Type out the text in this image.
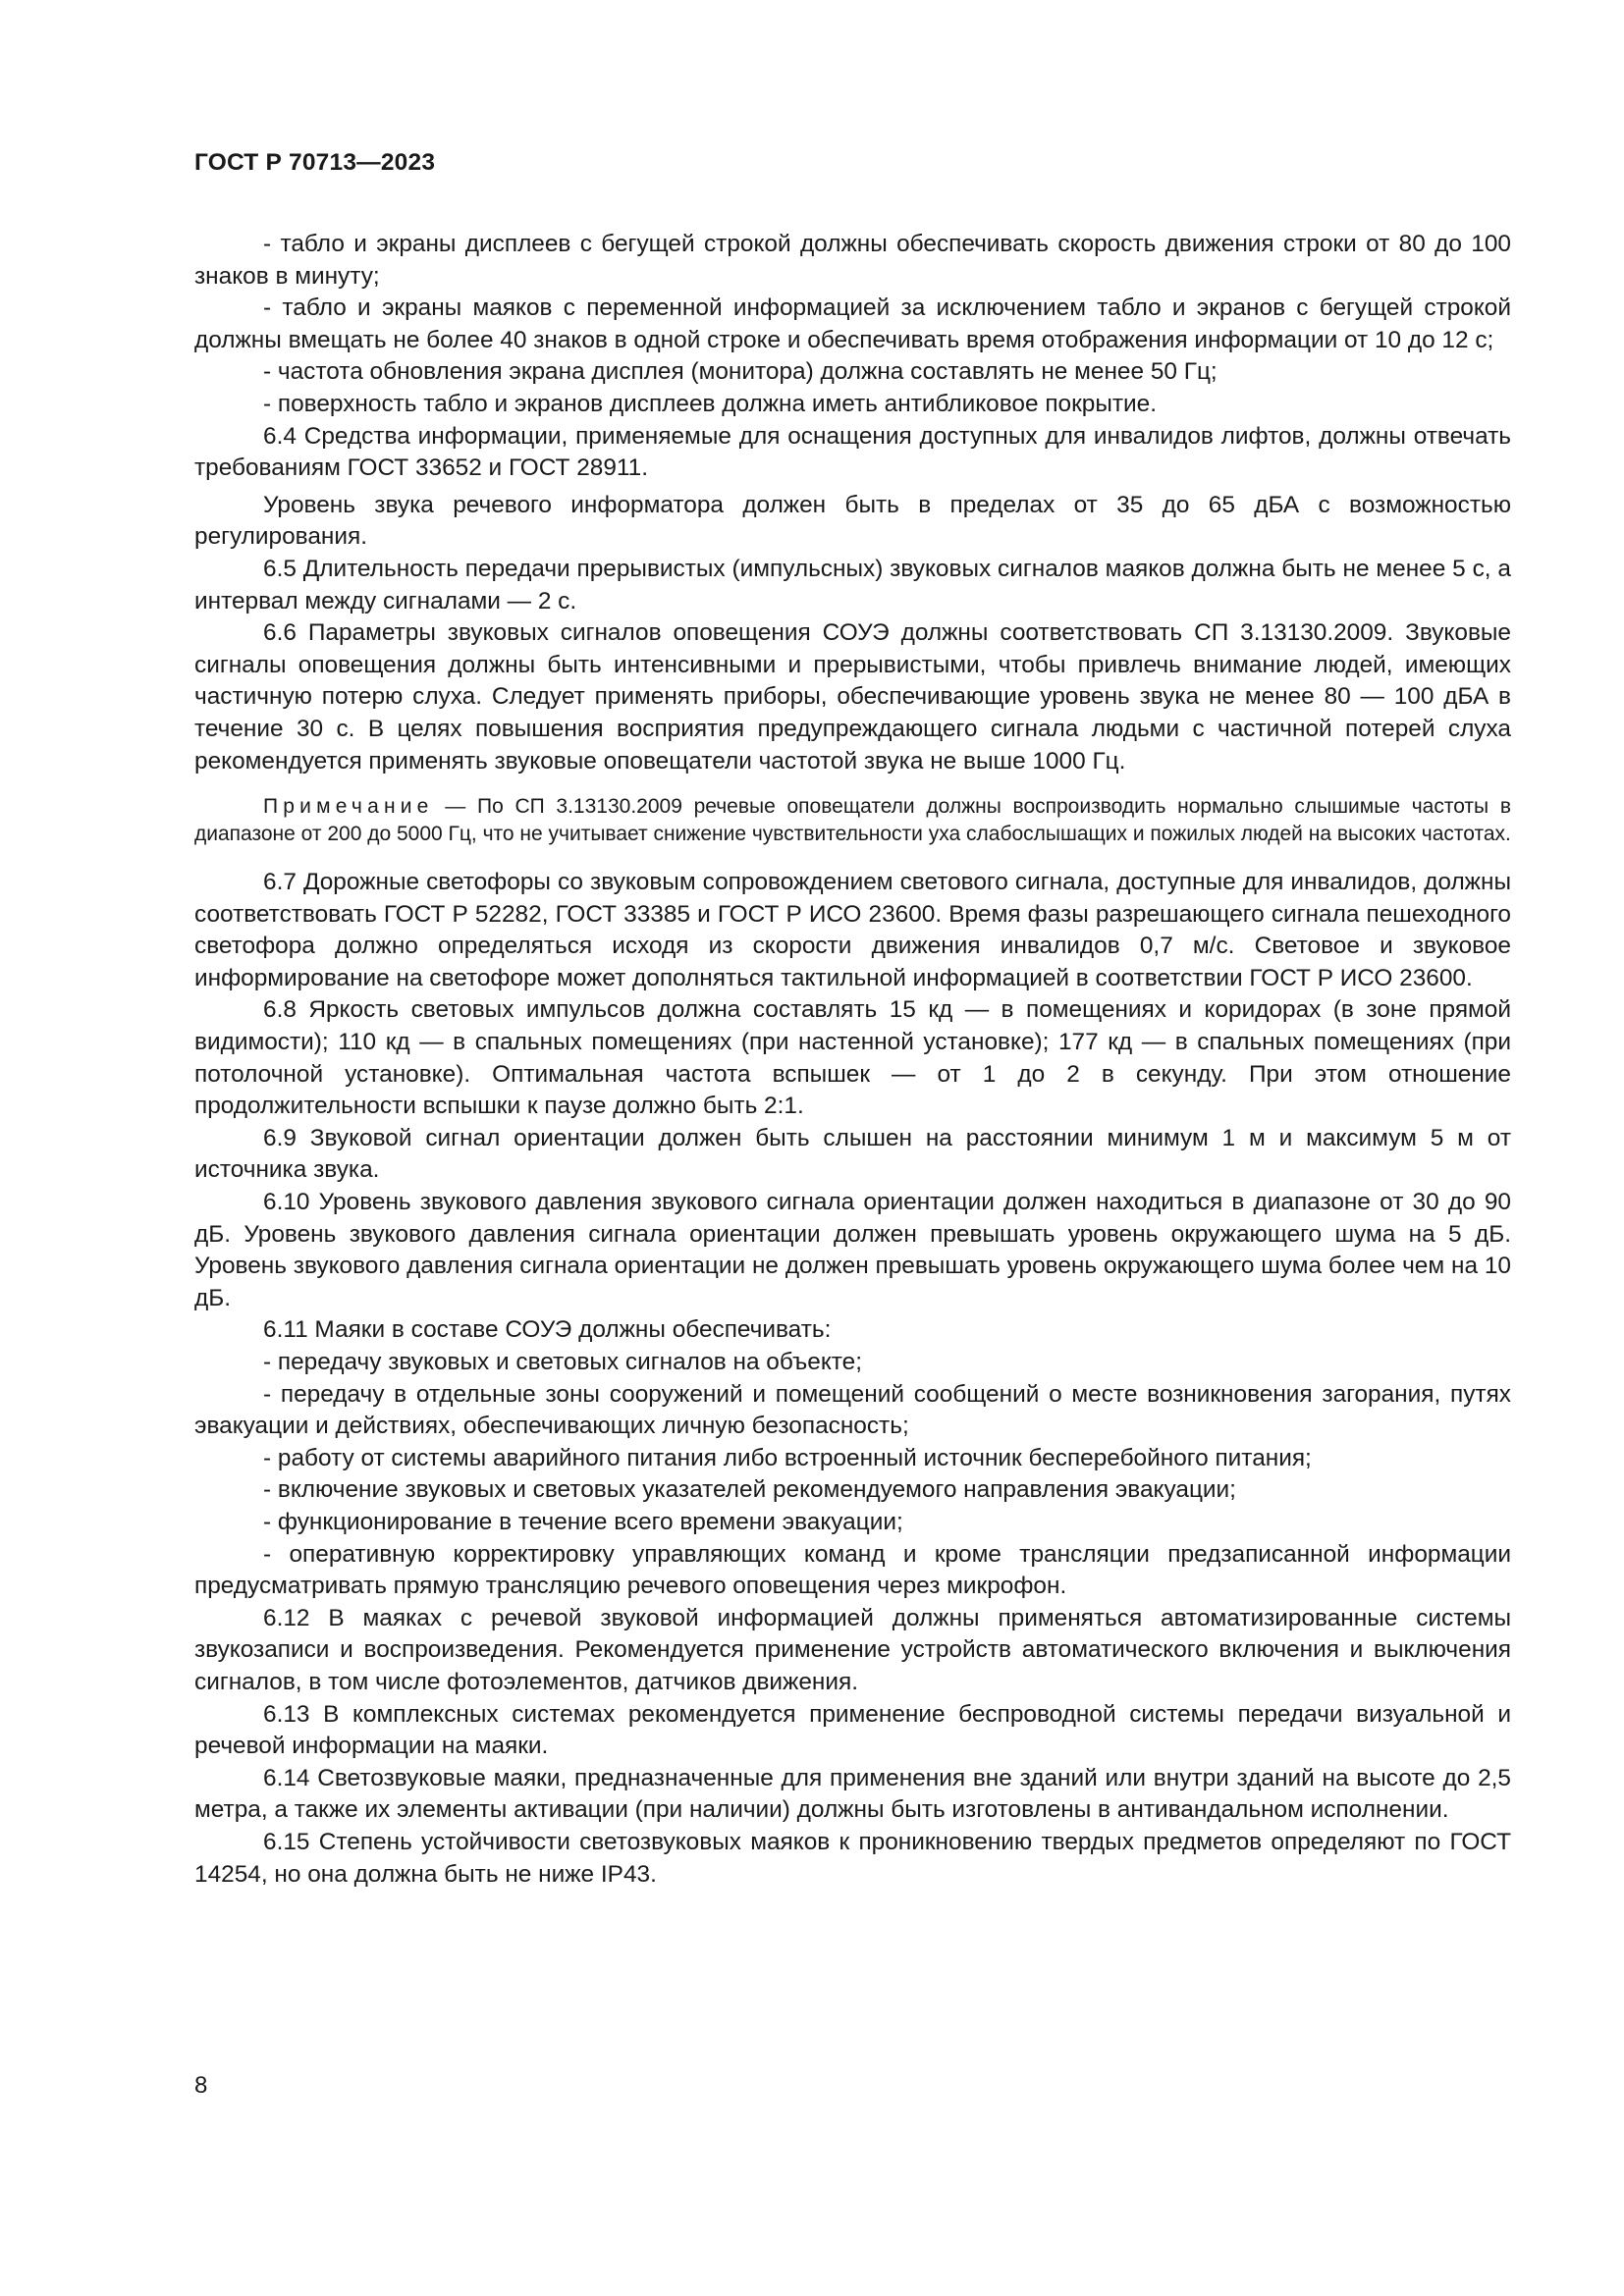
ГОСТ Р 70713—2023

- табло и экраны дисплеев с бегущей строкой должны обеспечивать скорость движения строки от 80 до 100 знаков в минуту;

- табло и экраны маяков с переменной информацией за исключением табло и экранов с бегущей строкой должны вмещать не более 40 знаков в одной строке и обеспечивать время отображения информации от 10 до 12 с;

- частота обновления экрана дисплея (монитора) должна составлять не менее 50 Гц;

- поверхность табло и экранов дисплеев должна иметь антибликовое покрытие.

6.4 Средства информации, применяемые для оснащения доступных для инвалидов лифтов, должны отвечать требованиям ГОСТ 33652 и ГОСТ 28911.

Уровень звука речевого информатора должен быть в пределах от 35 до 65 дБА с возможностью регулирования.

6.5 Длительность передачи прерывистых (импульсных) звуковых сигналов маяков должна быть не менее 5 с, а интервал между сигналами — 2 с.

6.6 Параметры звуковых сигналов оповещения СОУЭ должны соответствовать СП 3.13130.2009. Звуковые сигналы оповещения должны быть интенсивными и прерывистыми, чтобы привлечь внимание людей, имеющих частичную потерю слуха. Следует применять приборы, обеспечивающие уровень звука не менее 80 — 100 дБА в течение 30 с. В целях повышения восприятия предупреждающего сигнала людьми с частичной потерей слуха рекомендуется применять звуковые оповещатели частотой звука не выше 1000 Гц.

Примечание — По СП 3.13130.2009 речевые оповещатели должны воспроизводить нормально слышимые частоты в диапазоне от 200 до 5000 Гц, что не учитывает снижение чувствительности уха слабослышащих и пожилых людей на высоких частотах.

6.7 Дорожные светофоры со звуковым сопровождением светового сигнала, доступные для инвалидов, должны соответствовать ГОСТ Р 52282, ГОСТ 33385 и ГОСТ Р ИСО 23600. Время фазы разрешающего сигнала пешеходного светофора должно определяться исходя из скорости движения инвалидов 0,7 м/с. Световое и звуковое информирование на светофоре может дополняться тактильной информацией в соответствии ГОСТ Р ИСО 23600.

6.8 Яркость световых импульсов должна составлять 15 кд — в помещениях и коридорах (в зоне прямой видимости); 110 кд — в спальных помещениях (при настенной установке); 177 кд — в спальных помещениях (при потолочной установке). Оптимальная частота вспышек — от 1 до 2 в секунду. При этом отношение продолжительности вспышки к паузе должно быть 2:1.

6.9 Звуковой сигнал ориентации должен быть слышен на расстоянии минимум 1 м и максимум 5 м от источника звука.

6.10 Уровень звукового давления звукового сигнала ориентации должен находиться в диапазоне от 30 до 90 дБ. Уровень звукового давления сигнала ориентации должен превышать уровень окружающего шума на 5 дБ. Уровень звукового давления сигнала ориентации не должен превышать уровень окружающего шума более чем на 10 дБ.

6.11 Маяки в составе СОУЭ должны обеспечивать:

- передачу звуковых и световых сигналов на объекте;

- передачу в отдельные зоны сооружений и помещений сообщений о месте возникновения загорания, путях эвакуации и действиях, обеспечивающих личную безопасность;

- работу от системы аварийного питания либо встроенный источник бесперебойного питания;

- включение звуковых и световых указателей рекомендуемого направления эвакуации;

- функционирование в течение всего времени эвакуации;

- оперативную корректировку управляющих команд и кроме трансляции предзаписанной информации предусматривать прямую трансляцию речевого оповещения через микрофон.

6.12 В маяках с речевой звуковой информацией должны применяться автоматизированные системы звукозаписи и воспроизведения. Рекомендуется применение устройств автоматического включения и выключения сигналов, в том числе фотоэлементов, датчиков движения.

6.13 В комплексных системах рекомендуется применение беспроводной системы передачи визуальной и речевой информации на маяки.

6.14 Светозвуковые маяки, предназначенные для применения вне зданий или внутри зданий на высоте до 2,5 метра, а также их элементы активации (при наличии) должны быть изготовлены в антивандальном исполнении.

6.15 Степень устойчивости светозвуковых маяков к проникновению твердых предметов определяют по ГОСТ 14254, но она должна быть не ниже IP43.

8
